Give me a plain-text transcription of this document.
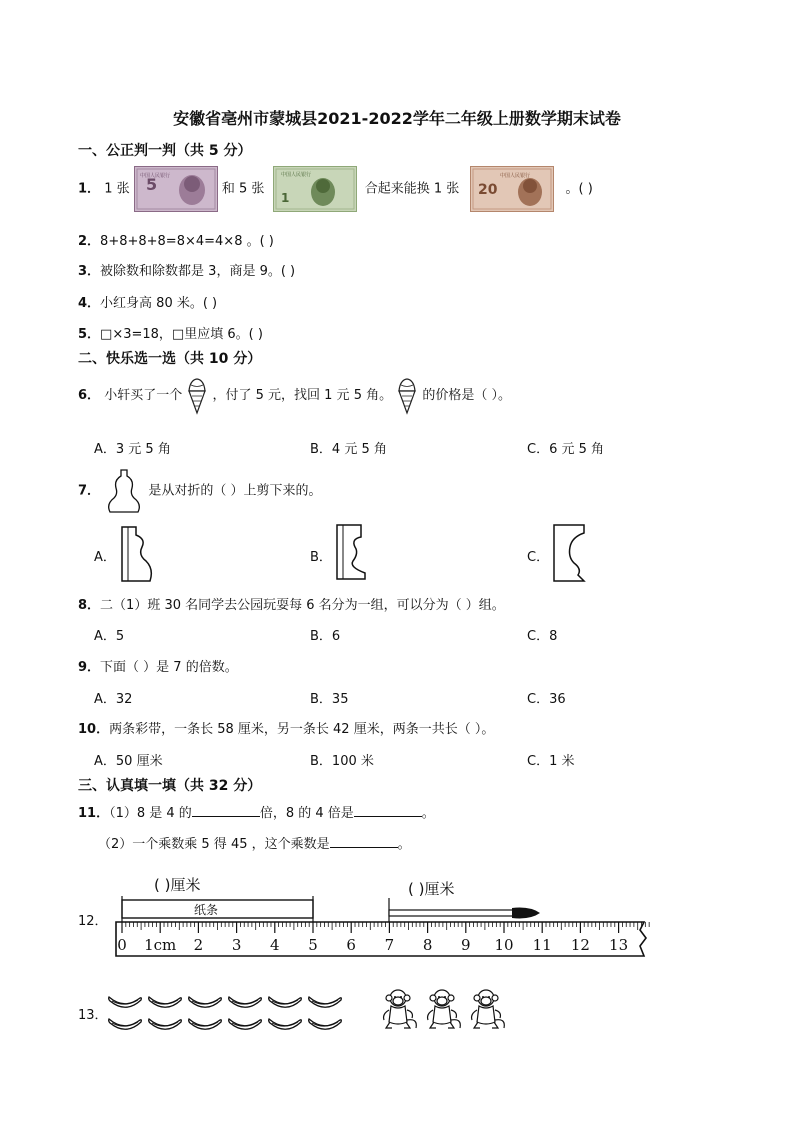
安徽省亳州市蒙城县2021-2022学年二年级上册数学期末试卷
一、公正判一判（共 5 分）
1． 1 张 5
中国人民银行
和 5 张
中国人民银行
1
合起来能换 1 张
中国人民银行
20	。( )
2．8+8+8+8=8×4=4×8 。( )
3．被除数和除数都是 3，商是 9。( )
4．小红身高 80 米。( )
5．□×3=18，□里应填 6。( )
二、快乐选一选（共 10 分）
6． 小轩买了一个 ，付了 5 元，找回 1 元 5 角。 的价格是（ ）。
A．3 元 5 角	B．4 元 5 角	C．6 元 5 角
7．	是从对折的（ ）上剪下来的。
A．	B．	C．
8．二（1）班 30 名同学去公园玩耍每 6 名分为一组，可以分为（ ）组。
A．5	B．6	C．8
9．下面（ ）是 7 的倍数。
A．32	B．35	C．36
10．两条彩带，一条长 58 厘米，另一条长 42 厘米，两条一共长（ ）。
A．50 厘米	B．100 米	C．1 米
三、认真填一填（共 32 分）
11．（1）8 是 4 的	倍，8 的 4 倍是	。
（2）一个乘数乘 5 得 45 ，这个乘数是	。
12．
( )厘米	( )厘米
纸条
0 1cm 2 3 4 5 6 7 8 9 10 11 12 13
13．
